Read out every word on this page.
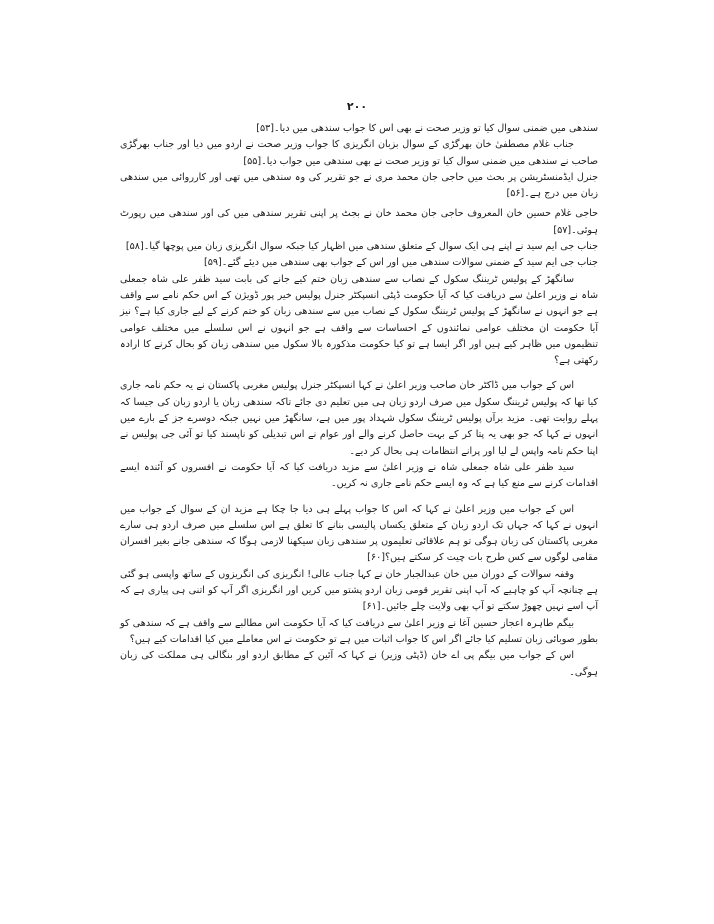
۲۰۰

سندھی میں ضمنی سوال کیا تو وزیر صحت نے بھی اس کا جواب سندھی میں دیا۔[۵۳]

جناب غلام مصطفیٰ خان بھرگڑی کے سوال بزبان انگریزی کا جواب وزیر صحت نے اردو میں دیا اور جناب بھرگڑی صاحب نے سندھی میں ضمنی سوال کیا تو وزیر صحت نے بھی سندھی میں جواب دیا۔[۵۵]

جنرل ایڈمنسٹریشن پر بحث میں حاجی جان محمد مری نے جو تقریر کی وہ سندھی میں تھی اور کارروائی میں سندھی زبان میں درج ہے۔[۵۶]

حاجی غلام حسین خان المعروف حاجی جان محمد خان نے بجٹ پر اپنی تقریر سندھی میں کی اور سندھی میں رپورٹ ہوئی۔[۵۷]

جناب جی ایم سید نے اپنے ہی ایک سوال کے متعلق سندھی میں اظہار کیا جبکہ سوال انگریزی زبان میں پوچھا گیا۔[۵۸]

جناب جی ایم سید کے ضمنی سوالات سندھی میں اور اس کے جواب بھی سندھی میں دیئے گئے۔[۵۹]

سانگھڑ کے پولیس ٹریننگ سکول کے نصاب سے سندھی زبان ختم کیے جانے کی بابت سید ظفر علی شاہ جمعلی شاہ نے وزیر اعلیٰ سے دریافت کیا کہ آیا حکومت ڈپٹی انسپکٹر جنرل پولیس خیر پور ڈویژن کے اس حکم نامے سے واقف ہے جو انہوں نے سانگھڑ کے پولیس ٹریننگ سکول کے نصاب میں سے سندھی زبان کو ختم کرنے کے لیے جاری کیا ہے؟ نیز آیا حکومت ان مختلف عوامی نمائندوں کے احساسات سے واقف ہے جو انہوں نے اس سلسلے میں مختلف عوامی تنظیموں میں ظاہر کیے ہیں اور اگر ایسا ہے تو کیا حکومت مذکورہ بالا سکول میں سندھی زبان کو بحال کرنے کا ارادہ رکھتی ہے؟

اس کے جواب میں ڈاکٹر خان صاحب وزیر اعلیٰ نے کہا انسپکٹر جنرل پولیس مغربی پاکستان نے یہ حکم نامہ جاری کیا تھا کہ پولیس ٹریننگ سکول میں صرف اردو زبان ہی میں تعلیم دی جائے تاکہ سندھی زبان یا اردو زبان کی جیسا کہ پہلے روایت تھی۔ مزید برآں پولیس ٹریننگ سکول شہداد پور میں ہے، سانگھڑ میں نہیں جبکہ دوسرے جز کے بارے میں انہوں نے کہا کہ جو بھی یہ پتا کر کے بہت حاصل کرنے والے اور عوام نے اس تبدیلی کو ناپسند کیا تو آئی جی پولیس نے اپنا حکم نامہ واپس لے لیا اور پرانے انتظامات ہی بحال کر دیے۔

سید ظفر علی شاہ جمعلی شاہ نے وزیر اعلیٰ سے مزید دریافت کیا کہ آیا حکومت نے افسروں کو آئندہ ایسے اقدامات کرنے سے منع کیا ہے کہ وہ ایسے حکم نامے جاری نہ کریں۔

اس کے جواب میں وزیر اعلیٰ نے کہا کہ اس کا جواب پہلے ہی دیا جا چکا ہے مزید ان کے سوال کے جواب میں انہوں نے کہا کہ جہاں تک اردو زبان کے متعلق یکساں پالیسی بنانے کا تعلق ہے اس سلسلے میں صرف اردو ہی سارے مغربی پاکستان کی زبان ہوگی تو ہم علاقائی تعلیموں پر سندھی زبان سیکھنا لازمی ہوگا کہ سندھی جانے بغیر افسران مقامی لوگوں سے کس طرح بات چیت کر سکتے ہیں؟[۶۰]

وقفہ سوالات کے دوران میں خان عبدالجبار خان نے کہا جناب عالی! انگریزی کی انگریزوں کے ساتھ واپسی ہو گئی ہے چنانچہ آپ کو چاہیے کہ آپ اپنی تقریر قومی زبان اردو پشتو میں کریں اور انگریزی اگر آپ کو اتنی ہی پیاری ہے کہ آپ اسے نہیں چھوڑ سکتے تو آپ بھی ولایت چلے جائیں۔[۶۱]

بیگم طاہرہ اعجاز حسین آغا نے وزیر اعلیٰ سے دریافت کیا کہ آیا حکومت اس مطالبے سے واقف ہے کہ سندھی کو بطور صوبائی زبان تسلیم کیا جائے اگر اس کا جواب اثبات میں ہے تو حکومت نے اس معاملے میں کیا اقدامات کیے ہیں؟

اس کے جواب میں بیگم پی اے خان (ڈپٹی وزیر) نے کہا کہ آئین کے مطابق اردو اور بنگالی ہی مملکت کی زبان ہوگی۔
